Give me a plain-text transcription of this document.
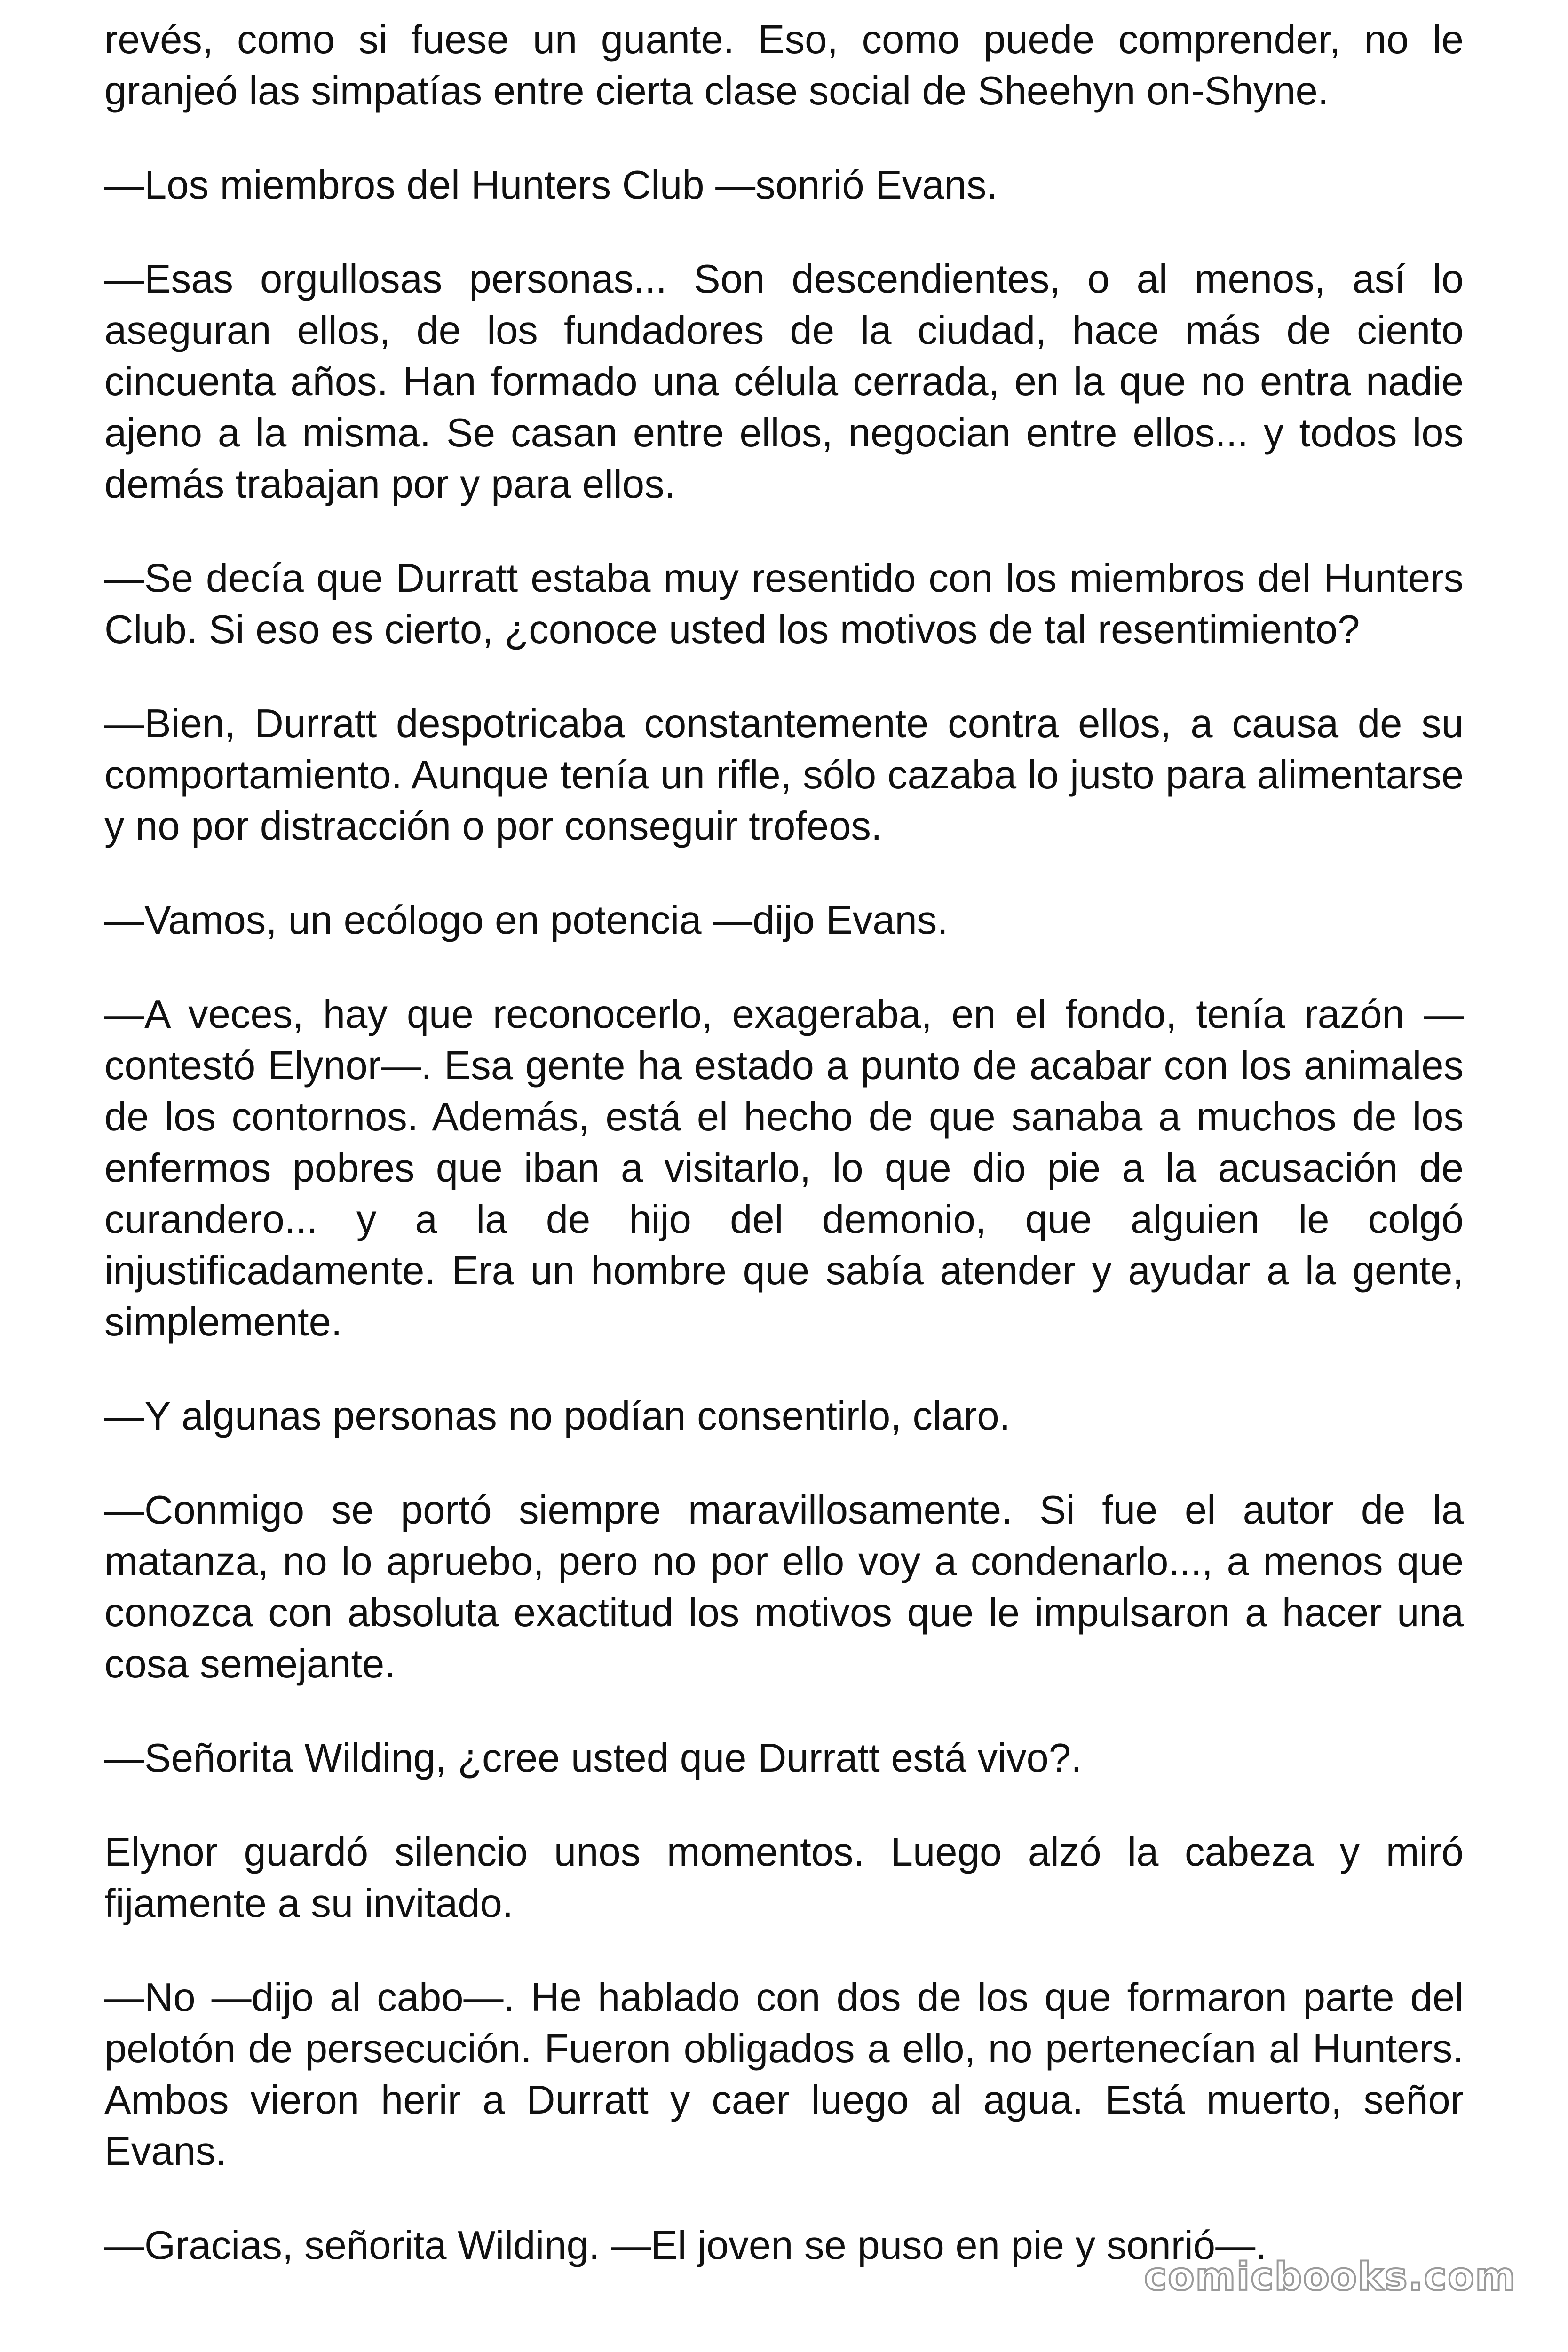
revés, como si fuese un guante. Eso, como puede comprender, no le granjeó las simpatías entre cierta clase social de Sheehyn on-Shyne.

—Los miembros del Hunters Club —sonrió Evans.

—Esas orgullosas personas... Son descendientes, o al menos, así lo aseguran ellos, de los fundadores de la ciudad, hace más de ciento cincuenta años. Han formado una célula cerrada, en la que no entra nadie ajeno a la misma. Se casan entre ellos, negocian entre ellos... y todos los demás trabajan por y para ellos.

—Se decía que Durratt estaba muy resentido con los miembros del Hunters Club. Si eso es cierto, ¿conoce usted los motivos de tal resentimiento?

—Bien, Durratt despotricaba constantemente contra ellos, a causa de su comportamiento. Aunque tenía un rifle, sólo cazaba lo justo para alimentarse y no por distracción o por conseguir trofeos.

—Vamos, un ecólogo en potencia —dijo Evans.

—A veces, hay que reconocerlo, exageraba, en el fondo, tenía razón —contestó Elynor—. Esa gente ha estado a punto de acabar con los animales de los contornos. Además, está el hecho de que sanaba a muchos de los enfermos pobres que iban a visitarlo, lo que dio pie a la acusación de curandero... y a la de hijo del demonio, que alguien le colgó injustificadamente. Era un hombre que sabía atender y ayudar a la gente, simplemente.

—Y algunas personas no podían consentirlo, claro.

—Conmigo se portó siempre maravillosamente. Si fue el autor de la matanza, no lo apruebo, pero no por ello voy a condenarlo..., a menos que conozca con absoluta exactitud los motivos que le impulsaron a hacer una cosa semejante.

—Señorita Wilding, ¿cree usted que Durratt está vivo?.

Elynor guardó silencio unos momentos. Luego alzó la cabeza y miró fijamente a su invitado.

—No —dijo al cabo—. He hablado con dos de los que formaron parte del pelotón de persecución. Fueron obligados a ello, no pertenecían al Hunters. Ambos vieron herir a Durratt y caer luego al agua. Está muerto, señor Evans.

—Gracias, señorita Wilding. —El joven se puso en pie y sonrió—.

comicbooks.com
